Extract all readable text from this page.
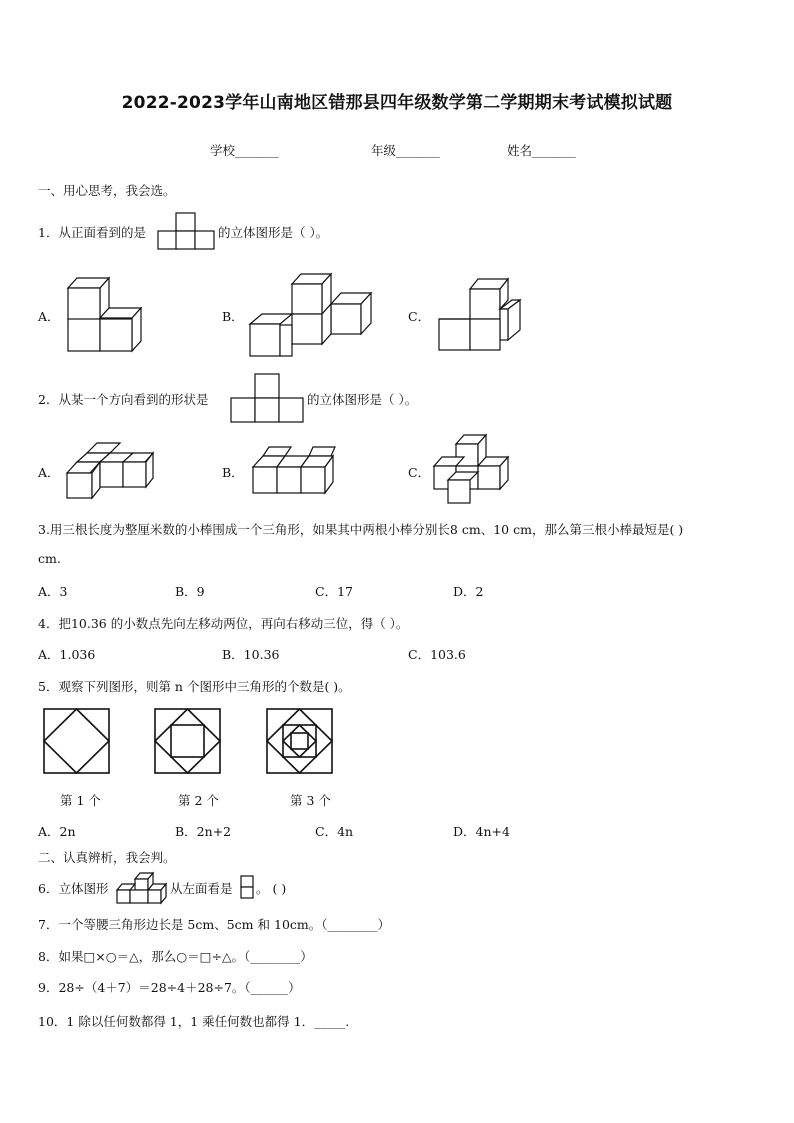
2022-2023学年山南地区错那县四年级数学第二学期期末考试模拟试题
学校_______	年级_______	姓名_______
一、用心思考，我会选。
1．从正面看到的是	的立体图形是（ ）。
A．	B．	C．
2．从某一个方向看到的形状是	的立体图形是（ ）。
A．	B．	C．
3.用三根长度为整厘米数的小棒围成一个三角形，如果其中两根小棒分别长8 cm、10 cm，那么第三根小棒最短是( )
cm.
A．3	B．9	C．17	D．2
4．把10.36 的小数点先向左移动两位，再向右移动三位，得（ ）。
A．1.036	B．10.36	C．103.6
5．观察下列图形，则第 n 个图形中三角形的个数是( )。
第 1 个	第 2 个	第 3 个
A．2n	B．2n+2	C．4n	D．4n+4
二、认真辨析，我会判。
6．立体图形	从左面看是 。 ( )
7．一个等腰三角形边长是 5cm、5cm 和 10cm。（________）
8．如果□×○＝△，那么○＝□÷△。（________）
9．28÷（4＋7）＝28÷4＋28÷7。（______）
10．1 除以任何数都得 1，1 乘任何数也都得 1．_____.
